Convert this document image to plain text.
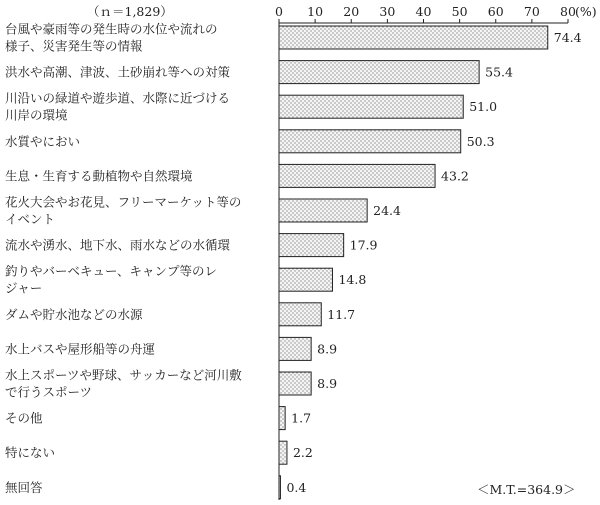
（ｎ＝1,829）	(%)
0 10 20 30 40 50 60 70 80
台風や豪雨等の発生時の水位や流れの
様子、災害発生等の情報
洪水や高潮、津波、土砂崩れ等への対策
川沿いの緑道や遊歩道、水際に近づける
川岸の環境
水質やにおい
生息・生育する動植物や自然環境
花火大会やお花見、フリーマーケット等の
イベント
流水や湧水、地下水、雨水などの水循環
釣りやバーベキュー、キャンプ等のレ
ジャー
ダムや貯水池などの水源
水上バスや屋形船等の舟運
水上スポーツや野球、サッカーなど河川敷
で行うスポーツ
その他
特にない
無回答
74.4
55.4
51.0
50.3
43.2
24.4
17.9
14.8
11.7
8.9
8.9
1.7
2.2
0.4	＜M.T.=364.9＞
